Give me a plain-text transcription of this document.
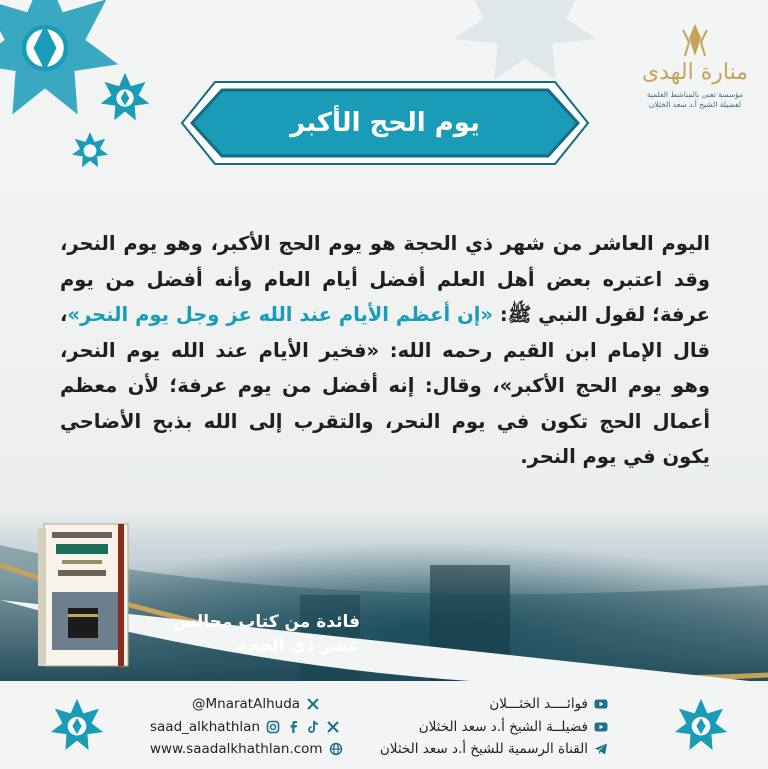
يوم الحج الأكبر
منارة الهدى
مؤسسة تعنى بالمناشط العلمية لفضيلة الشيخ أ.د سعد الخثلان
اليوم العاشر من شهر ذي الحجة هو يوم الحج الأكبر، وهو يوم النحر، وقد اعتبره بعض أهل العلم أفضل أيام العام وأنه أفضل من يوم عرفة؛ لقول النبي ﷺ: «إن أعظم الأيام عند الله عز وجل يوم النحر»، قال الإمام ابن القيم رحمه الله: «فخير الأيام عند الله يوم النحر، وهو يوم الحج الأكبر»، وقال: إنه أفضل من يوم عرفة؛ لأن معظم أعمال الحج تكون في يوم النحر، والتقرب إلى الله بذبح الأضاحي يكون في يوم النحر.
فائدة من كتاب مجالس
عشر ذي الحجة
@MnaratAlhuda
saad_alkhathlan
www.saadalkhathlan.com
فوائــــد الخثـــلان
فضيلــة الشيخ أ.د سعد الخثلان
القناة الرسمية للشيخ أ.د سعد الخثلان
